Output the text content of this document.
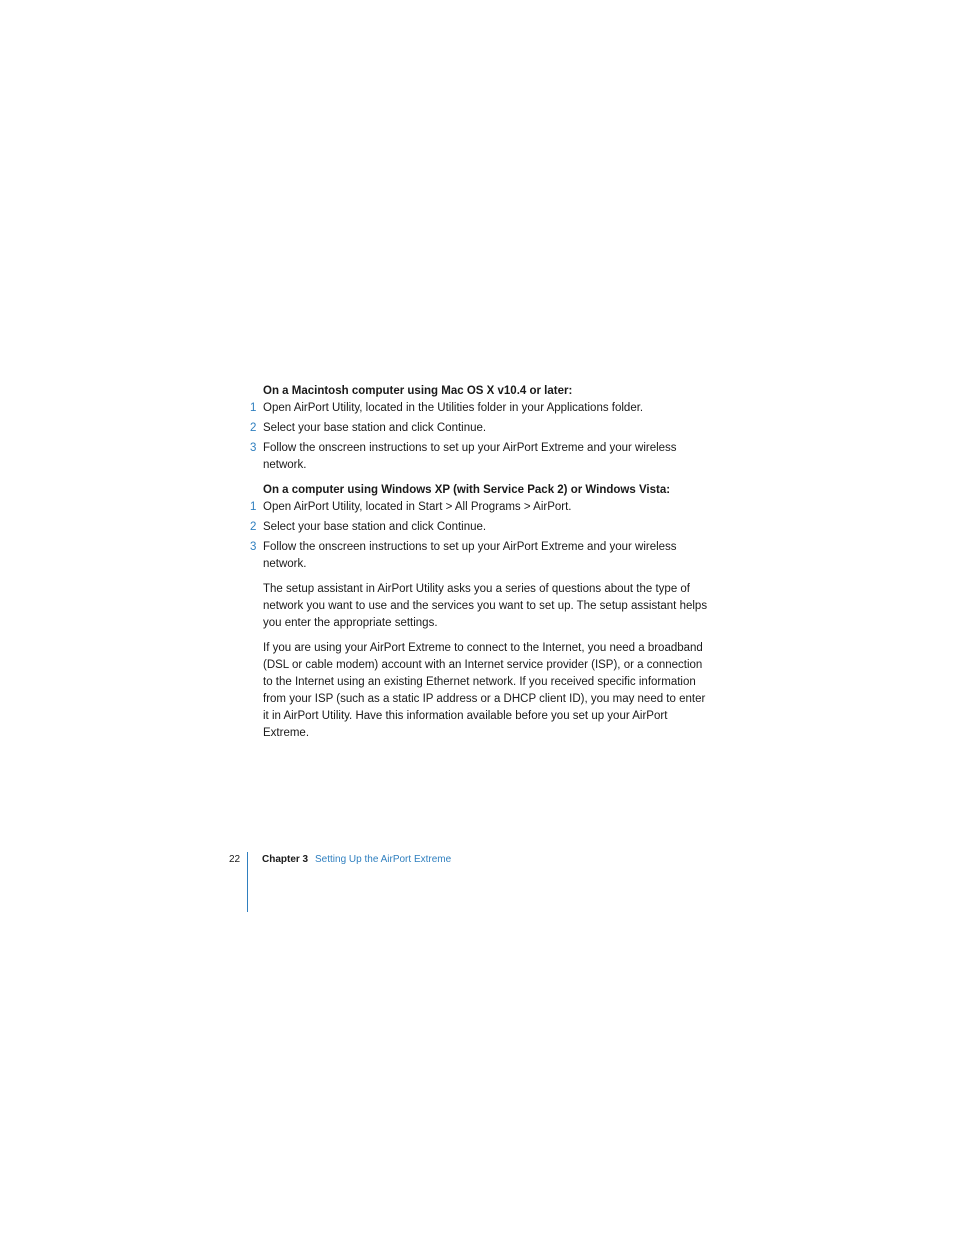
On a Macintosh computer using Mac OS X v10.4 or later:

1 Open AirPort Utility, located in the Utilities folder in your Applications folder.
2 Select your base station and click Continue.
3 Follow the onscreen instructions to set up your AirPort Extreme and your wireless network.

On a computer using Windows XP (with Service Pack 2) or Windows Vista:

1 Open AirPort Utility, located in Start > All Programs > AirPort.
2 Select your base station and click Continue.
3 Follow the onscreen instructions to set up your AirPort Extreme and your wireless network.

The setup assistant in AirPort Utility asks you a series of questions about the type of network you want to use and the services you want to set up. The setup assistant helps you enter the appropriate settings.

If you are using your AirPort Extreme to connect to the Internet, you need a broadband (DSL or cable modem) account with an Internet service provider (ISP), or a connection to the Internet using an existing Ethernet network. If you received specific information from your ISP (such as a static IP address or a DHCP client ID), you may need to enter it in AirPort Utility. Have this information available before you set up your AirPort Extreme.

22 Chapter 3 Setting Up the AirPort Extreme
